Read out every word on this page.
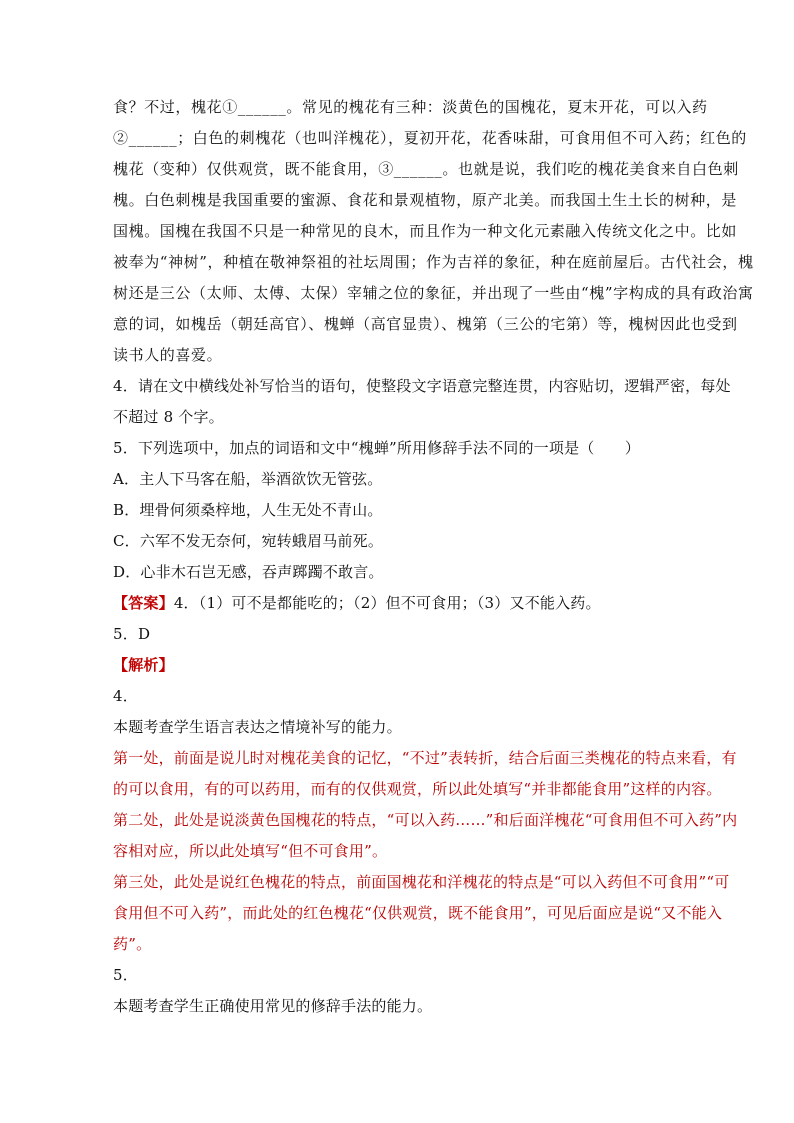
食？不过，槐花①______。常见的槐花有三种：淡黄色的国槐花，夏末开花，可以入药
②______；白色的刺槐花（也叫洋槐花），夏初开花，花香味甜，可食用但不可入药；红色的
槐花（变种）仅供观赏，既不能食用，③______。也就是说，我们吃的槐花美食来自白色刺
槐。白色刺槐是我国重要的蜜源、食花和景观植物，原产北美。而我国土生土长的树种，是
国槐。国槐在我国不只是一种常见的良木，而且作为一种文化元素融入传统文化之中。比如
被奉为“神树”，种植在敬神祭祖的社坛周围；作为吉祥的象征，种在庭前屋后。古代社会，槐
树还是三公（太师、太傅、太保）宰辅之位的象征，并出现了一些由“槐”字构成的具有政治寓
意的词，如槐岳（朝廷高官）、槐蝉（高官显贵）、槐第（三公的宅第）等，槐树因此也受到
读书人的喜爱。
4．请在文中横线处补写恰当的语句，使整段文字语意完整连贯，内容贴切，逻辑严密，每处
不超过 8 个字。
5．下列选项中，加点的词语和文中“槐蝉”所用修辞手法不同的一项是（　　）
A．主人下马客在船，举酒欲饮无管弦。
B．埋骨何须桑梓地，人生无处不青山。
C．六军不发无奈何，宛转蛾眉马前死。
D．心非木石岂无感，吞声踯躅不敢言。
【答案】4．（1）可不是都能吃的；（2）但不可食用；（3）又不能入药。
5．D
【解析】
4．
本题考查学生语言表达之情境补写的能力。
第一处，前面是说儿时对槐花美食的记忆，“不过”表转折，结合后面三类槐花的特点来看，有
的可以食用，有的可以药用，而有的仅供观赏，所以此处填写“并非都能食用”这样的内容。
第二处，此处是说淡黄色国槐花的特点，“可以入药……”和后面洋槐花“可食用但不可入药”内
容相对应，所以此处填写“但不可食用”。
第三处，此处是说红色槐花的特点，前面国槐花和洋槐花的特点是“可以入药但不可食用”“可
食用但不可入药”，而此处的红色槐花“仅供观赏，既不能食用”，可见后面应是说“又不能入
药”。
5．
本题考查学生正确使用常见的修辞手法的能力。
